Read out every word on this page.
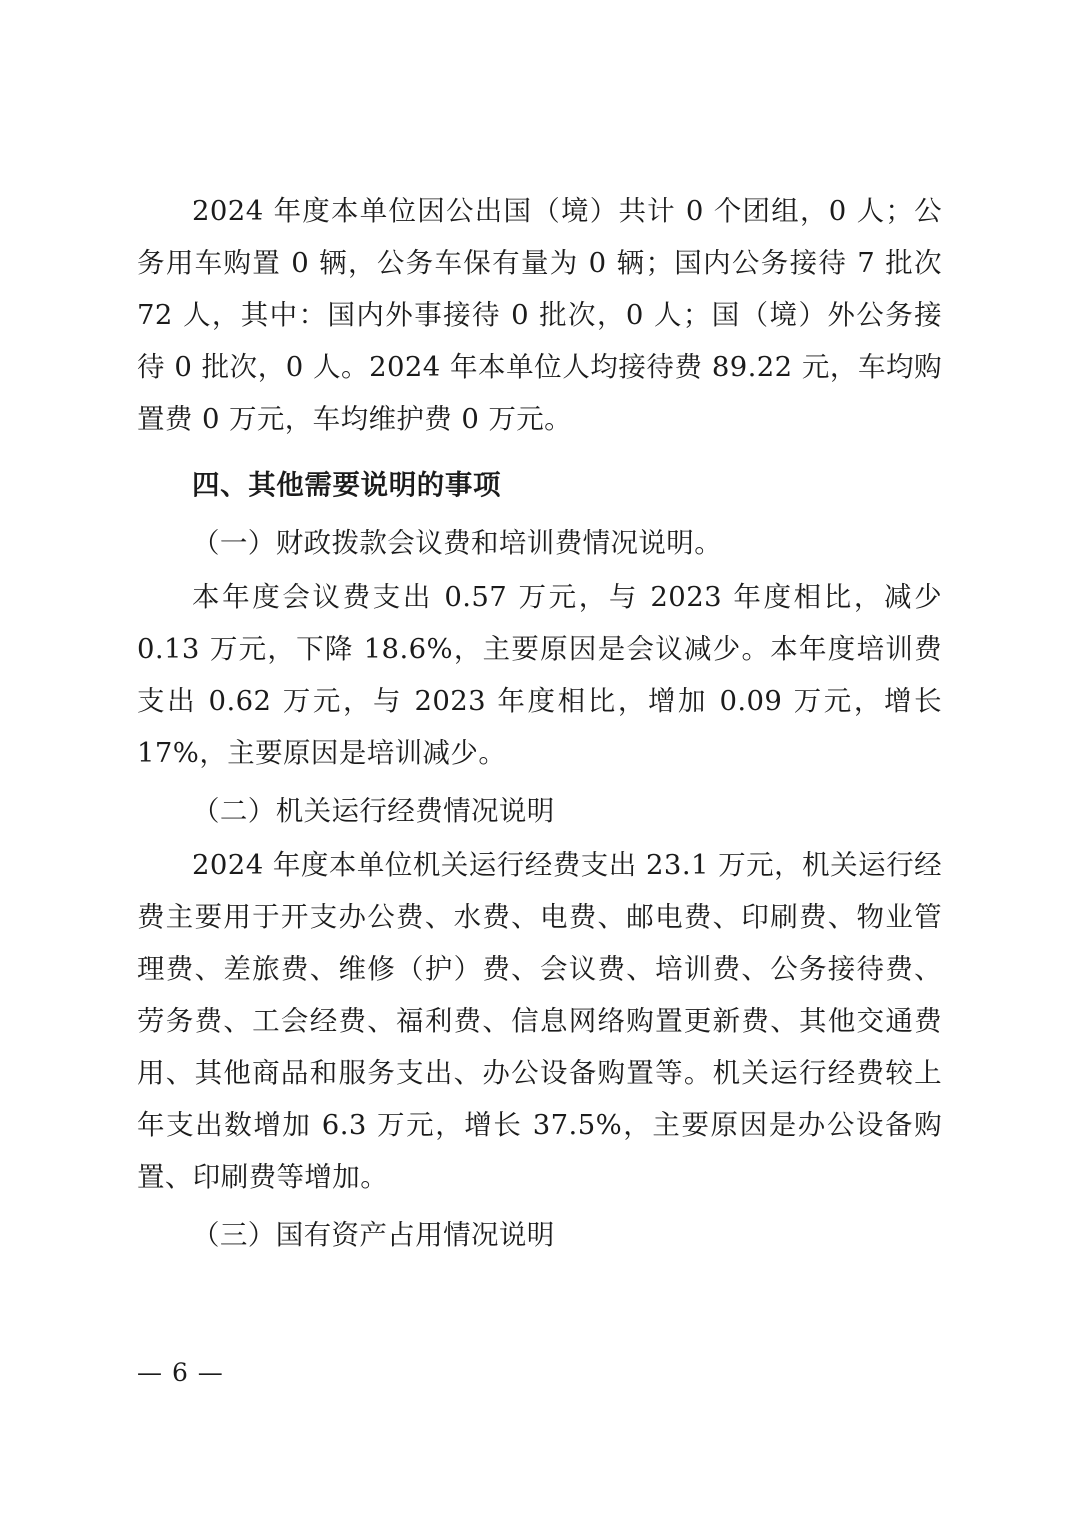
2024 年度本单位因公出国（境）共计 0 个团组，0 人；公务用车购置 0 辆，公务车保有量为 0 辆；国内公务接待 7 批次 72 人，其中：国内外事接待 0 批次，0 人；国（境）外公务接待 0 批次，0 人。2024 年本单位人均接待费 89.22 元，车均购置费 0 万元，车均维护费 0 万元。

四、其他需要说明的事项

（一）财政拨款会议费和培训费情况说明。

本年度会议费支出 0.57 万元，与 2023 年度相比，减少 0.13 万元，下降 18.6%，主要原因是会议减少。本年度培训费支出 0.62 万元，与 2023 年度相比，增加 0.09 万元，增长 17%，主要原因是培训减少。

（二）机关运行经费情况说明

2024 年度本单位机关运行经费支出 23.1 万元，机关运行经费主要用于开支办公费、水费、电费、邮电费、印刷费、物业管理费、差旅费、维修（护）费、会议费、培训费、公务接待费、劳务费、工会经费、福利费、信息网络购置更新费、其他交通费用、其他商品和服务支出、办公设备购置等。机关运行经费较上年支出数增加 6.3 万元，增长 37.5%，主要原因是办公设备购置、印刷费等增加。

（三）国有资产占用情况说明

— 6 —
